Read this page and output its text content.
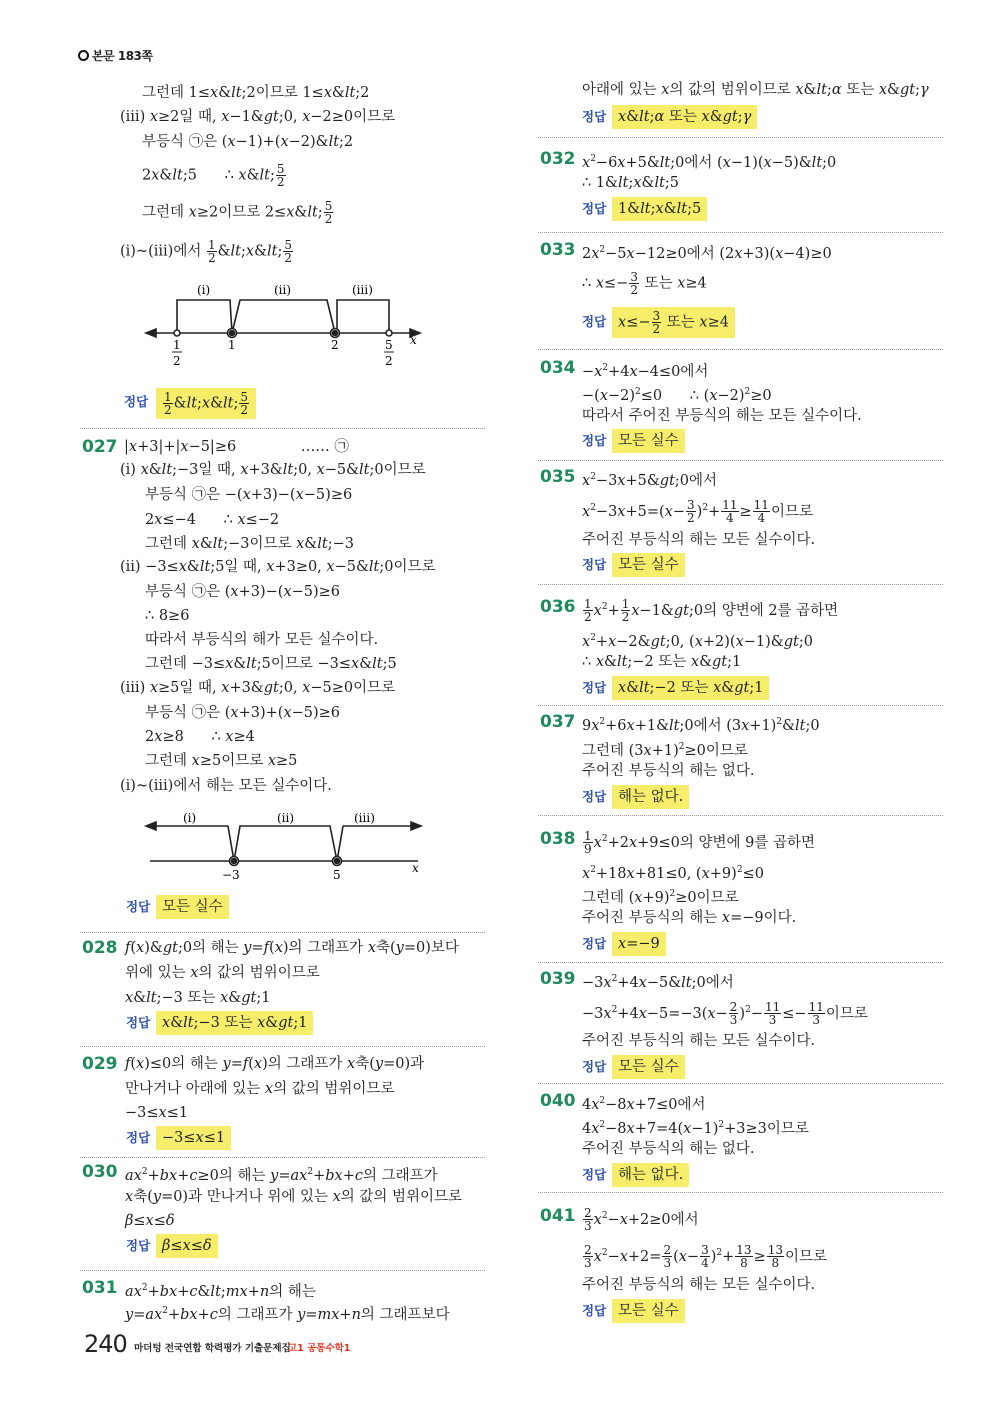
본문 183쪽
그런데 1≤x&lt;2이므로 1≤x&lt;2
(ⅲ) x≥2일 때, x−1&gt;0, x−2≥0이므로
부등식 ㉠은 (x−1)+(x−2)&lt;2
2x&lt;5      ∴ x&lt; $\frac{5}{2}$
그런데 x≥2이므로 2≤x&lt; $\frac{5}{2}$
(ⅰ)~(ⅲ)에서 $\frac{1}{2}$ &lt;x&lt; $\frac{5}{2}$
(ⅰ)	(ⅱ)	(ⅲ)
1
2
1	2	5
2
x
(ⅰ)	(ⅱ)	(ⅲ)
−3	5	x
정답 $\frac{1}{2}$ &lt;x&lt; $\frac{5}{2}$
027 |x+3|+|x−5|≥6              …… ㉠
(ⅰ) x&lt;−3일 때, x+3&lt;0, x−5&lt;0이므로
부등식 ㉠은 −(x+3)−(x−5)≥6
2x≤−4      ∴ x≤−2
그런데 x&lt;−3이므로 x&lt;−3
(ⅱ) −3≤x&lt;5일 때, x+3≥0, x−5&lt;0이므로
부등식 ㉠은 (x+3)−(x−5)≥6
∴ 8≥6
따라서 부등식의 해가 모든 실수이다.
그런데 −3≤x&lt;5이므로 −3≤x&lt;5
(ⅲ) x≥5일 때, x+3&gt;0, x−5≥0이므로
부등식 ㉠은 (x+3)+(x−5)≥6
2x≥8      ∴ x≥4
그런데 x≥5이므로 x≥5
(ⅰ)~(ⅲ)에서 해는 모든 실수이다.
정답 모든 실수
028 f(x)&gt;0의 해는 y=f(x)의 그래프가 x축(y=0)보다
위에 있는 x의 값의 범위이므로
x&lt;−3 또는 x&gt;1
정답 x&lt;−3 또는 x&gt;1
029 f(x)≤0의 해는 y=f(x)의 그래프가 x축(y=0)과
만나거나 아래에 있는 x의 값의 범위이므로
−3≤x≤1
정답 −3≤x≤1
030 $ax^2+bx+c\ge 0$의 해는 $y=ax^2+bx+c$의 그래프가
x축(y=0)과 만나거나 위에 있는 x의 값의 범위이므로
β≤x≤δ
정답 β≤x≤δ
031 $ax^2+bx+c\&lt;mx+n$의 해는
$y=ax^2+bx+c$의 그래프가 y=mx+n의 그래프보다
240 마더텅 전국연합 학력평가 기출문제집
고1 공통수학1
아래에 있는 x의 값의 범위이므로 x&lt;α 또는 x&gt;γ
정답 x&lt;α 또는 x&gt;γ
032 $x^2-6x+5\&lt;0$에서 (x−1)(x−5)&lt;0
∴ 1&lt;x&lt;5
정답 1&lt;x&lt;5
033 $2x^2-5x-12\ge 0$에서 (2x+3)(x−4)≥0
∴ $x\le- \frac{3}{2}$ 또는 x≥4
정답 $x\le- \frac{3}{2}$ 또는 x≥4
$034 -x^2+4x-4\le 0$에서
$-(x-2)^2\le 0$      ∴ $(x-2)^2\ge 0$
따라서 주어진 부등식의 해는 모든 실수이다.
정답 모든 실수
035 $x^2-3x+5\&gt;0$에서
$x^2-3x+5=(x- \frac{3}{2} )^2+ \frac{11}{4} \ge \frac{11}{4}$ 이므로
주어진 부등식의 해는 모든 실수이다.
정답 모든 실수
$036 \frac{1}{2} x^2+ \frac{1}{2}$ x−1&gt;0의 양변에 2를 곱하면
$x^2+x-2\&gt;0$, (x+2)(x−1)&gt;0
∴ x&lt;−2 또는 x&gt;1
정답 x&lt;−2 또는 x&gt;1
037 $9x^2+6x+1\&lt;0$에서 $(3x+1)^2\&lt;0$
그런데 $(3x+1)^2\ge 0$이므로
주어진 부등식의 해는 없다.
정답 해는 없다.
$038 \frac{1}{9} x^2+2x+9\le 0$의 양변에 9를 곱하면
$x^2+18x+81\le 0$, $(x+9)^2\le 0$
그런데 $(x+9)^2\ge 0$이므로
주어진 부등식의 해는 x=−9이다.
정답 x=−9
$039 -3x^2+4x-5\&lt;0$에서
$-3x^2+4x-5=-3(x- \frac{2}{3} )^2- \frac{11}{3} \le- \frac{11}{3}$ 이므로
주어진 부등식의 해는 모든 실수이다.
정답 모든 실수
040 $4x^2-8x+7\le 0$에서
$4x^2-8x+7=4(x-1)^2+3\ge 3$이므로
주어진 부등식의 해는 없다.
정답 해는 없다.
$041 \frac{2}{3} x^2-x+2\ge 0$에서
$\frac{2}{3} x^2-x+2= \frac{2}{3} (x- \frac{3}{4} )^2+ \frac{13}{8} \ge \frac{13}{8}$ 이므로
주어진 부등식의 해는 모든 실수이다.
정답 모든 실수
